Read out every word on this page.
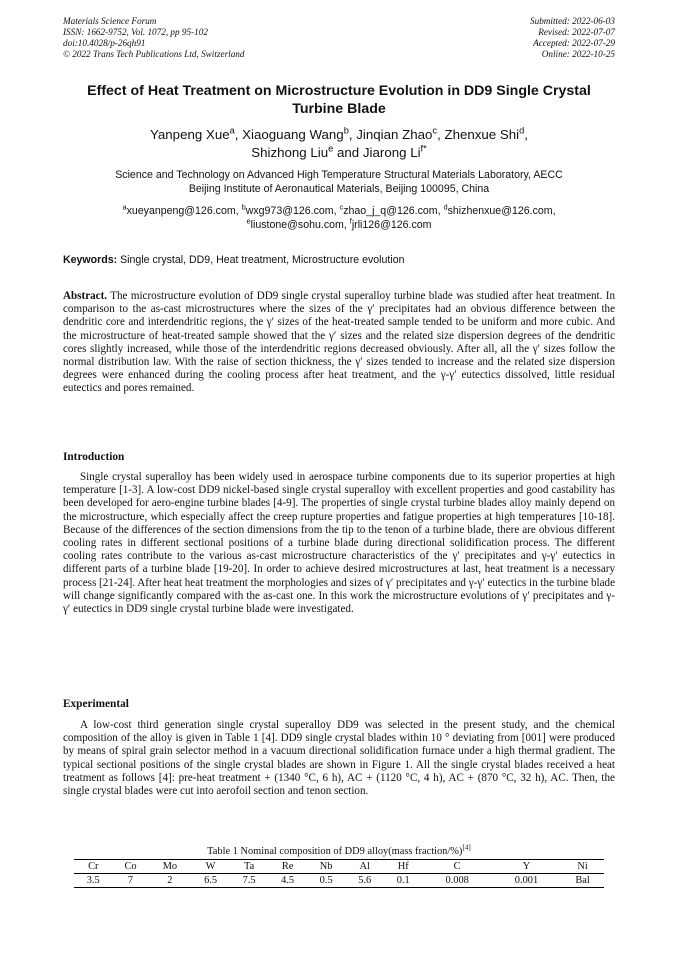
Materials Science Forum
ISSN: 1662-9752, Vol. 1072, pp 95-102
doi:10.4028/p-26qh91
© 2022 Trans Tech Publications Ltd, Switzerland
Submitted: 2022-06-03
Revised: 2022-07-07
Accepted: 2022-07-29
Online: 2022-10-25
Effect of Heat Treatment on Microstructure Evolution in DD9 Single Crystal Turbine Blade
Yanpeng Xue$^a$, Xiaoguang Wang$^b$, Jinqian Zhao$^c$, Zhenxue Shi$^d$,
Shizhong Liu$^e$ and Jiarong $Li^{f*}$
Science and Technology on Advanced High Temperature Structural Materials Laboratory, AECC
Beijing Institute of Aeronautical Materials, Beijing 100095, China
$^a$xueyanpeng@126.com, $^b$wxg973@126.com, $^c$zhao_j_q@126.com, $^d$shizhenxue@126.com,
$^e$liustone@sohu.com, $^f$jrli126@126.com
Keywords: Single crystal, DD9, Heat treatment, Microstructure evolution
Abstract. The microstructure evolution of DD9 single crystal superalloy turbine blade was studied after heat treatment. In comparison to the as-cast microstructures where the sizes of the γ′ precipitates had an obvious difference between the dendritic core and interdendritic regions, the γ′ sizes of the heat-treated sample tended to be uniform and more cubic. And the microstructure of heat-treated sample showed that the γ′ sizes and the related size dispersion degrees of the dendritic cores slightly increased, while those of the interdendritic regions decreased obviously. After all, all the γ′ sizes follow the normal distribution law. With the raise of section thickness, the γ′ sizes tended to increase and the related size dispersion degrees were enhanced during the cooling process after heat treatment, and the γ-γ′ eutectics dissolved, little residual eutectics and pores remained.
Introduction
Single crystal superalloy has been widely used in aerospace turbine components due to its superior properties at high temperature [1-3]. A low-cost DD9 nickel-based single crystal superalloy with excellent properties and good castability has been developed for aero-engine turbine blades [4-9]. The properties of single crystal turbine blades alloy mainly depend on the microstructure, which especially affect the creep rupture properties and fatigue properties at high temperatures [10-18]. Because of the differences of the section dimensions from the tip to the tenon of a turbine blade, there are obvious different cooling rates in different sectional positions of a turbine blade during directional solidification process. The different cooling rates contribute to the various as-cast microstructure characteristics of the γ′ precipitates and γ-γ′ eutectics in different parts of a turbine blade [19-20]. In order to achieve desired microstructures at last, heat treatment is a necessary process [21-24]. After heat heat treatment the morphologies and sizes of γ′ precipitates and γ-γ′ eutectics in the turbine blade will change significantly compared with the as-cast one. In this work the microstructure evolutions of γ′ precipitates and γ-γ′ eutectics in DD9 single crystal turbine blade were investigated.
Experimental
A low-cost third generation single crystal superalloy DD9 was selected in the present study, and the chemical composition of the alloy is given in Table 1 [4]. DD9 single crystal blades within 10 ° deviating from [001] were produced by means of spiral grain selector method in a vacuum directional solidification furnace under a high thermal gradient. The typical sectional positions of the single crystal blades are shown in Figure 1. All the single crystal blades received a heat treatment as follows [4]: pre-heat treatment + (1340 °C, 6 h), AC + (1120 °C, 4 h), AC + (870 °C, 32 h), AC. Then, the single crystal blades were cut into aerofoil section and tenon section.
Table 1 Nominal composition of DD9 alloy(mass fraction/%)[4]
Cr	Co	Mo	W	Ta	Re	Nb	Al	Hf	C	Y	Ni
3.5	7	2	6.5	7.5	4.5	0.5	5.6	0.1	0.008	0.001	Bal
